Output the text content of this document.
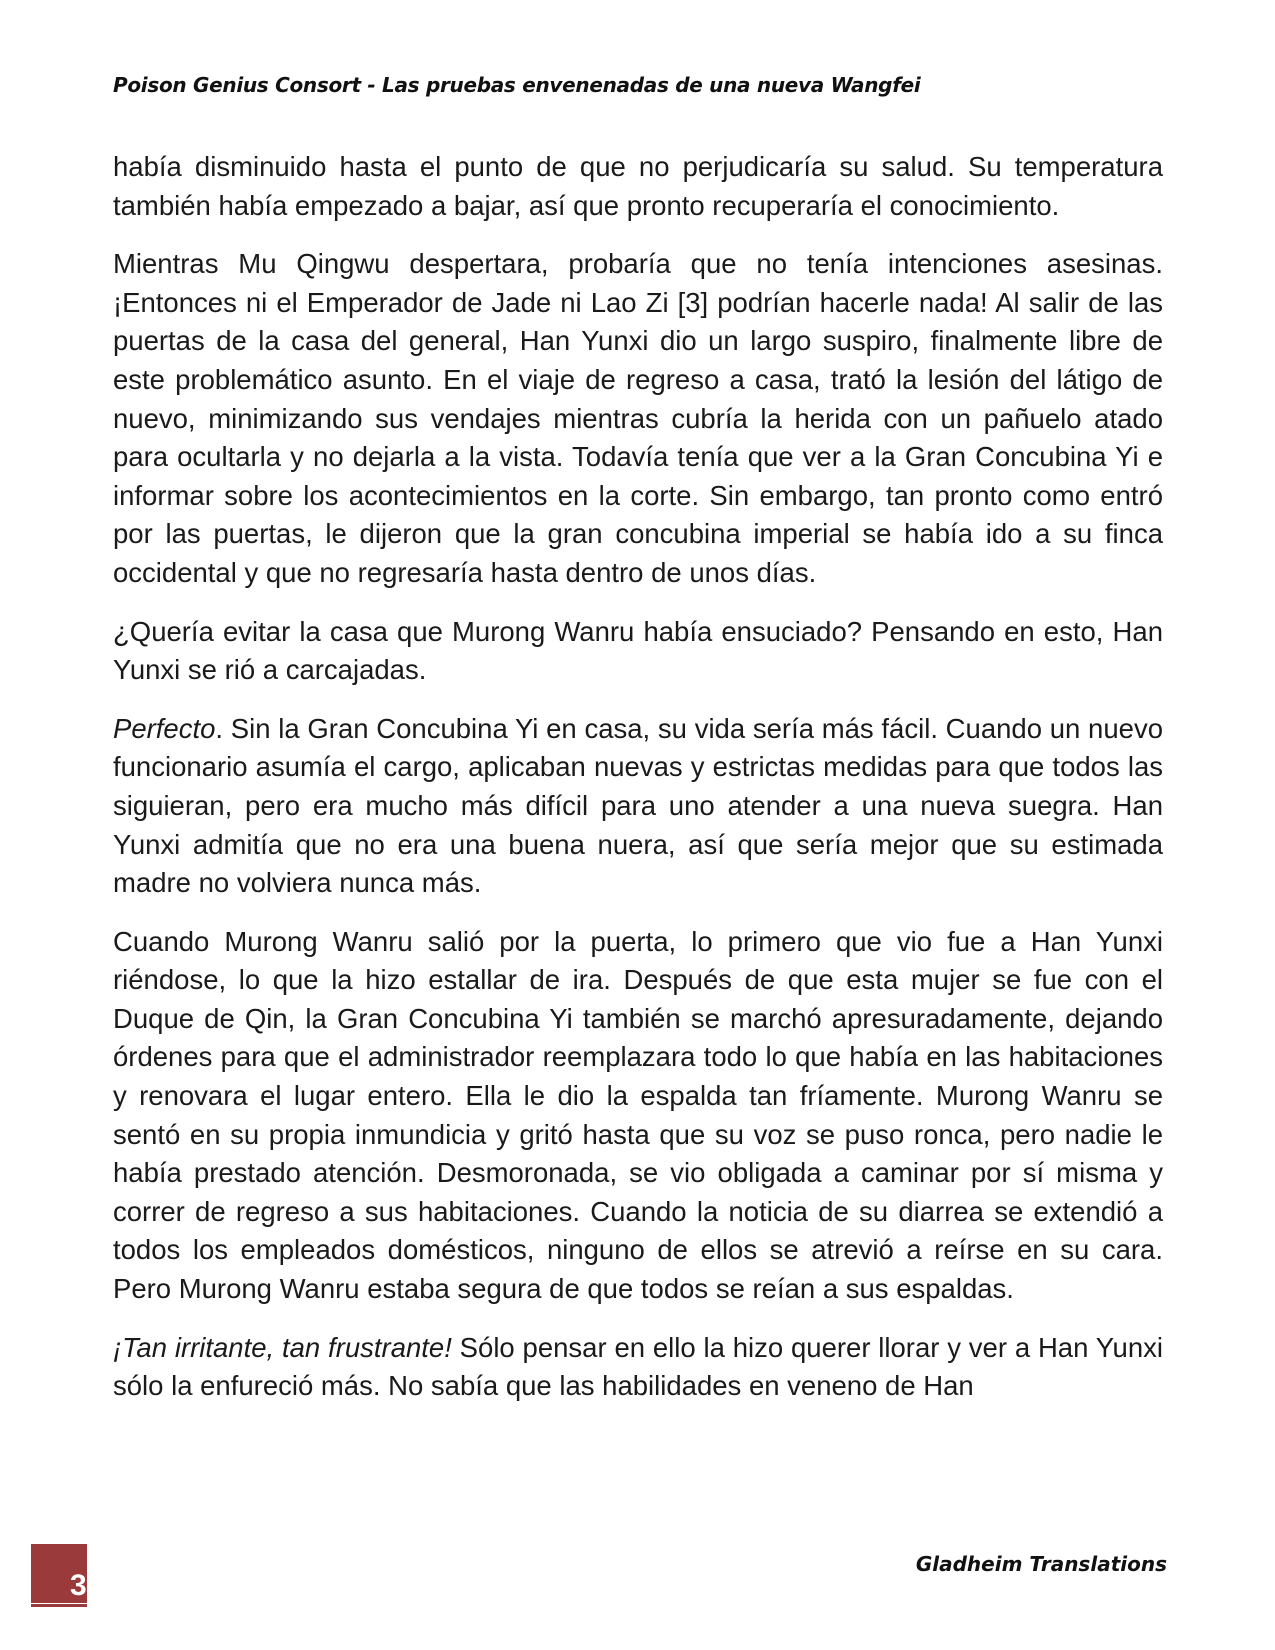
Poison Genius Consort - Las pruebas envenenadas de una nueva Wangfei

había disminuido hasta el punto de que no perjudicaría su salud. Su temperatura también había empezado a bajar, así que pronto recuperaría el conocimiento.

Mientras Mu Qingwu despertara, probaría que no tenía intenciones asesinas. ¡Entonces ni el Emperador de Jade ni Lao Zi [3] podrían hacerle nada! Al salir de las puertas de la casa del general, Han Yunxi dio un largo suspiro, finalmente libre de este problemático asunto. En el viaje de regreso a casa, trató la lesión del látigo de nuevo, minimizando sus vendajes mientras cubría la herida con un pañuelo atado para ocultarla y no dejarla a la vista. Todavía tenía que ver a la Gran Concubina Yi e informar sobre los acontecimientos en la corte. Sin embargo, tan pronto como entró por las puertas, le dijeron que la gran concubina imperial se había ido a su finca occidental y que no regresaría hasta dentro de unos días.

¿Quería evitar la casa que Murong Wanru había ensuciado? Pensando en esto, Han Yunxi se rió a carcajadas.

Perfecto. Sin la Gran Concubina Yi en casa, su vida sería más fácil. Cuando un nuevo funcionario asumía el cargo, aplicaban nuevas y estrictas medidas para que todos las siguieran, pero era mucho más difícil para uno atender a una nueva suegra. Han Yunxi admitía que no era una buena nuera, así que sería mejor que su estimada madre no volviera nunca más.

Cuando Murong Wanru salió por la puerta, lo primero que vio fue a Han Yunxi riéndose, lo que la hizo estallar de ira. Después de que esta mujer se fue con el Duque de Qin, la Gran Concubina Yi también se marchó apresuradamente, dejando órdenes para que el administrador reemplazara todo lo que había en las habitaciones y renovara el lugar entero. Ella le dio la espalda tan fríamente. Murong Wanru se sentó en su propia inmundicia y gritó hasta que su voz se puso ronca, pero nadie le había prestado atención. Desmoronada, se vio obligada a caminar por sí misma y correr de regreso a sus habitaciones. Cuando la noticia de su diarrea se extendió a todos los empleados domésticos, ninguno de ellos se atrevió a reírse en su cara. Pero Murong Wanru estaba segura de que todos se reían a sus espaldas.

¡Tan irritante, tan frustrante! Sólo pensar en ello la hizo querer llorar y ver a Han Yunxi sólo la enfureció más. No sabía que las habilidades en veneno de Han

3
Gladheim Translations
